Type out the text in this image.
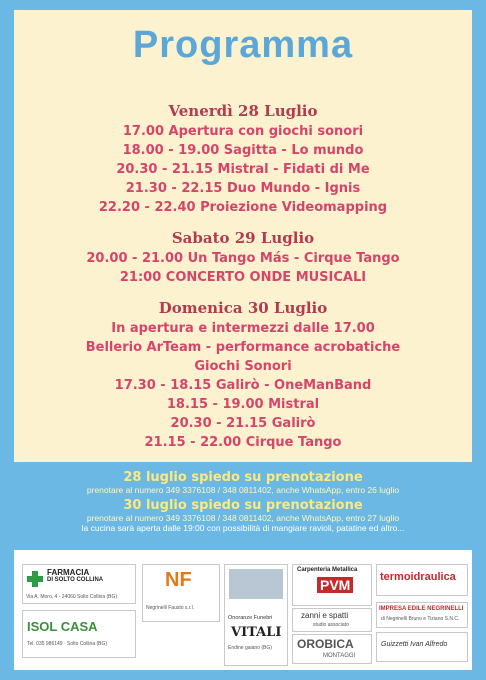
Programma
Venerdì 28 Luglio
17.00 Apertura con giochi sonori
18.00 - 19.00 Sagitta - Lo mundo
20.30 - 21.15 Mistral - Fidati di Me
21.30 - 22.15 Duo Mundo - Ignis
22.20 - 22.40 Proiezione Videomapping
Sabato 29 Luglio
20.00 - 21.00 Un Tango Más - Cirque Tango
21:00 CONCERTO ONDE MUSICALI
Domenica 30 Luglio
In apertura e intermezzi dalle 17.00
Bellerio ArTeam - performance acrobatiche
Giochi Sonori
17.30 - 18.15 Galirò - OneManBand
18.15 - 19.00 Mistral
20.30 - 21.15 Galirò
21.15 - 22.00 Cirque Tango
28 luglio spiedo su prenotazione
prenotare al numero 349 3376108 / 348 0811402, anche WhatsApp, entro 26 luglio
30 luglio spiedo su prenotazione
prenotare al numero 349 3376108 / 348 0811402, anche WhatsApp, entro 27 luglio
la cucina sarà aperta dalle 19:00 con possibilità di mangiare ravioli, patatine ed altro...
FARMACIA
DI SOLTO COLLINA
Via A. Moro, 4 - 24060 Solto Collina (BG)
ISOL CASA
Tel. 035 986149 · Solto Collina (BG)
NF
Negrinelli Fausto s.r.l.
Onoranze Funebri
VITALI
Endine gaiano (BG)
Carpenteria Metallica
PVM
zanni e spatti
studio associato
OROBICA
MONTAGGI
termoidraulica
IMPRESA EDILE NEGRINELLI
di Negrinelli Bruno e Tiziano S.N.C.
Guizzetti Ivan Alfredo
